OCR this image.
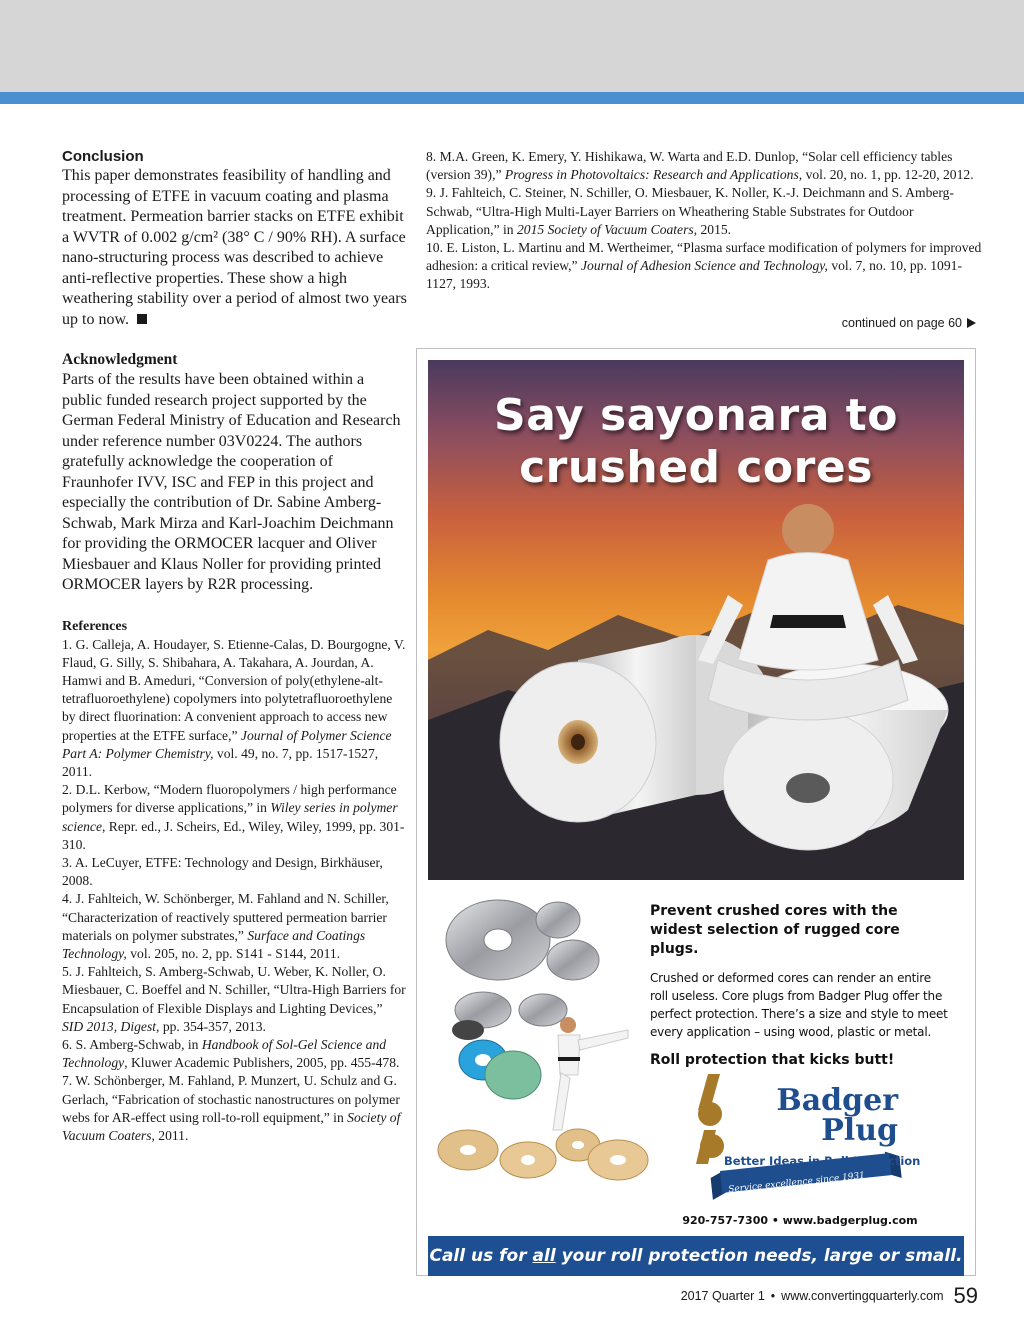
Conclusion
This paper demonstrates feasibility of handling and processing of ETFE in vacuum coating and plasma treatment. Permeation barrier stacks on ETFE exhibit a WVTR of 0.002 g/cm² (38° C / 90% RH). A surface nano-structuring process was described to achieve anti-reflective properties. These show a high weathering stability over a period of almost two years up to now.
Acknowledgment
Parts of the results have been obtained within a public funded research project supported by the German Federal Ministry of Education and Research under reference number 03V0224. The authors gratefully acknowledge the cooperation of Fraunhofer IVV, ISC and FEP in this project and especially the contribution of Dr. Sabine Amberg-Schwab, Mark Mirza and Karl-Joachim Deichmann for providing the ORMOCER lacquer and Oliver Miesbauer and Klaus Noller for providing printed ORMOCER layers by R2R processing.
References
1. G. Calleja, A. Houdayer, S. Etienne-Calas, D. Bourgogne, V. Flaud, G. Silly, S. Shibahara, A. Takahara, A. Jourdan, A. Hamwi and B. Ameduri, “Conversion of poly(ethylene-alt-tetrafluoroethylene) copolymers into polytetrafluoroethylene by direct fluorination: A convenient approach to access new properties at the ETFE surface,” Journal of Polymer Science Part A: Polymer Chemistry, vol. 49, no. 7, pp. 1517-1527, 2011.
2. D.L. Kerbow, “Modern fluoropolymers / high performance polymers for diverse applications,” in Wiley series in polymer science, Repr. ed., J. Scheirs, Ed., Wiley, Wiley, 1999, pp. 301-310.
3. A. LeCuyer, ETFE: Technology and Design, Birkhäuser, 2008.
4. J. Fahlteich, W. Schönberger, M. Fahland and N. Schiller, “Characterization of reactively sputtered permeation barrier materials on polymer substrates,” Surface and Coatings Technology, vol. 205, no. 2, pp. S141 - S144, 2011.
5. J. Fahlteich, S. Amberg-Schwab, U. Weber, K. Noller, O. Miesbauer, C. Boeffel and N. Schiller, “Ultra-High Barriers for Encapsulation of Flexible Displays and Lighting Devices,” SID 2013, Digest, pp. 354-357, 2013.
6. S. Amberg-Schwab, in Handbook of Sol-Gel Science and Technology, Kluwer Academic Publishers, 2005, pp. 455-478.
7. W. Schönberger, M. Fahland, P. Munzert, U. Schulz and G. Gerlach, “Fabrication of stochastic nanostructures on polymer webs for AR-effect using roll-to-roll equipment,” in Society of Vacuum Coaters, 2011.
8. M.A. Green, K. Emery, Y. Hishikawa, W. Warta and E.D. Dunlop, “Solar cell efficiency tables (version 39),” Progress in Photovoltaics: Research and Applications, vol. 20, no. 1, pp. 12-20, 2012.
9. J. Fahlteich, C. Steiner, N. Schiller, O. Miesbauer, K. Noller, K.-J. Deichmann and S. Amberg-Schwab, “Ultra-High Multi-Layer Barriers on Wheathering Stable Substrates for Outdoor Application,” in 2015 Society of Vacuum Coaters, 2015.
10. E. Liston, L. Martinu and M. Wertheimer, “Plasma surface modification of polymers for improved adhesion: a critical review,” Journal of Adhesion Science and Technology, vol. 7, no. 10, pp. 1091-1127, 1993.
continued on page 60
Say sayonara to
crushed cores
Badger
Plug
Better Ideas in Roll Protection
Service excellence since 1931
Prevent crushed cores with the widest selection of rugged core plugs.
Crushed or deformed cores can render an entire roll useless. Core plugs from Badger Plug offer the perfect protection. There’s a size and style to meet every application – using wood, plastic or metal.
Roll protection that kicks butt!
920-757-7300 • www.badgerplug.com
Call us for all your roll protection needs, large or small.
2017 Quarter 1 • www.convertingquarterly.com 59
